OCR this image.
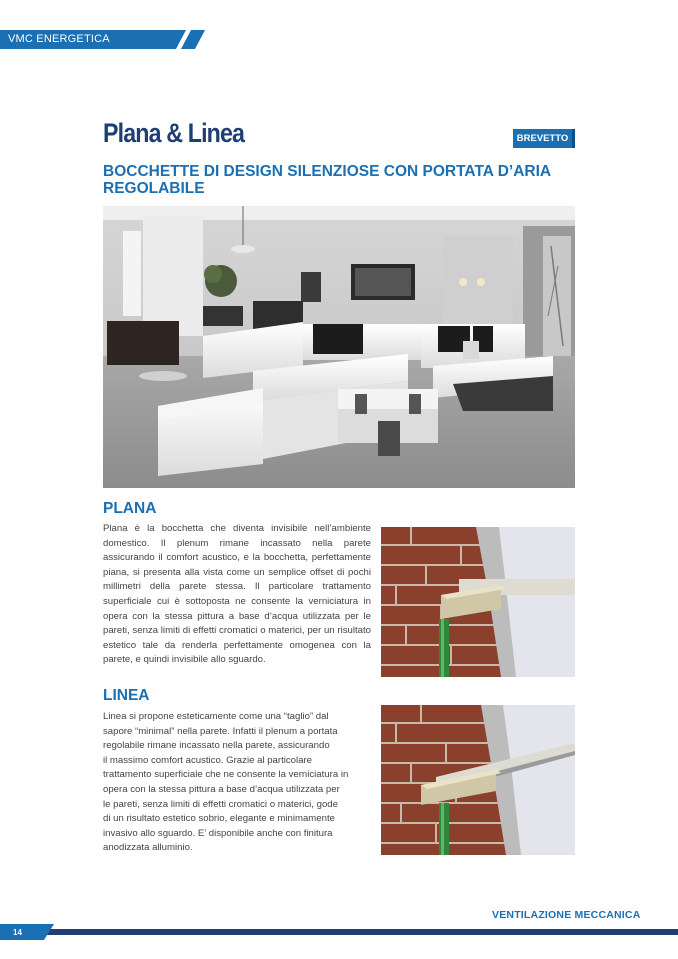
VMC ENERGETICA
Plana & Linea	BREVETTO
BOCCHETTE DI DESIGN SILENZIOSE CON PORTATA D’ARIA REGOLABILE
PLANA

Plana è la bocchetta che diventa invisibile nell’ambiente domestico. Il plenum rimane incassato nella parete assicurando il comfort acustico, e la bocchetta, perfettamente piana, si presenta alla vista come un semplice offset di pochi millimetri della parete stessa. Il particolare trattamento superficiale cui è sottoposta ne consente la verniciatura in opera con la stessa pittura a base d’acqua utilizzata per le pareti, senza limiti di effetti cromatici o materici, per un risultato estetico tale da renderla perfettamente omogenea con la parete, e quindi invisibile allo sguardo.

LINEA

Linea si propone esteticamente come una “taglio” dal
sapore “minimal” nella parete. Infatti il plenum a portata
regolabile rimane incassato nella parete, assicurando
il massimo comfort acustico. Grazie al particolare
trattamento superficiale che ne consente la verniciatura in
opera con la stessa pittura a base d’acqua utilizzata per
le pareti, senza limiti di effetti cromatici o materici, gode
di un risultato estetico sobrio, elegante e minimamente
invasivo allo sguardo. E’ disponibile anche con finitura
anodizzata alluminio.

VENTILAZIONE MECCANICA
14
